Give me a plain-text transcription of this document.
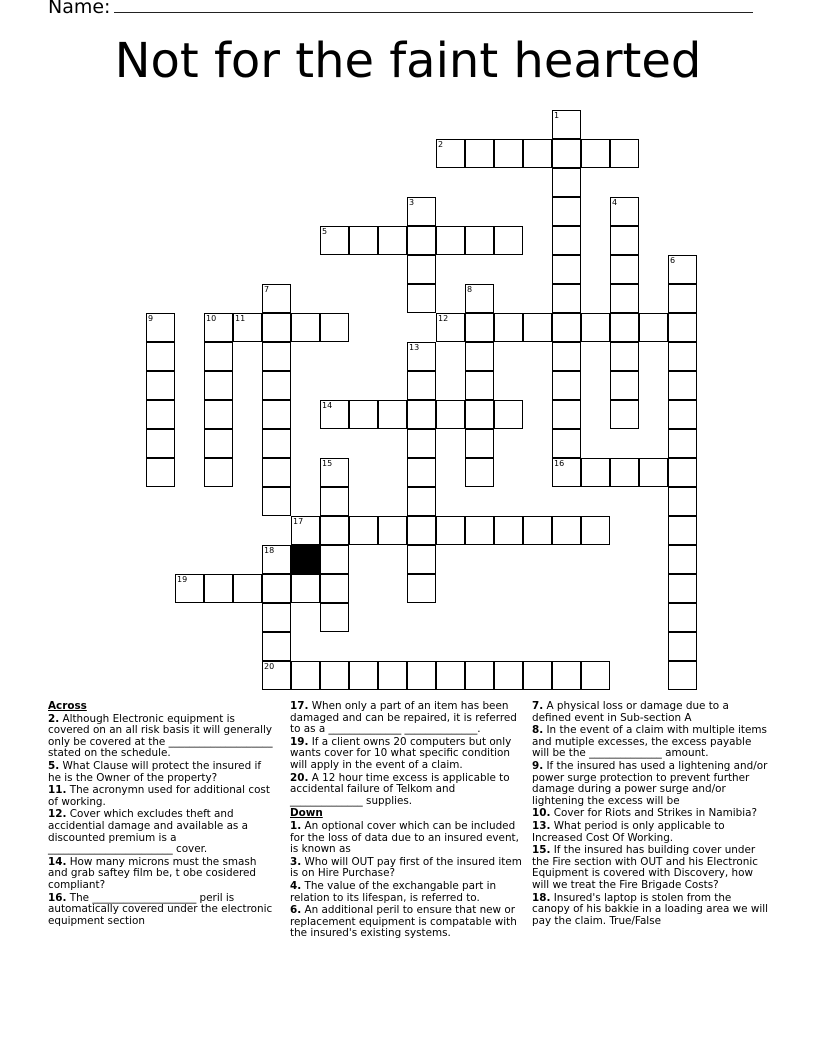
Name:
Not for the faint hearted
1
2
3	4
5
6
7	8
9	10 11	12
13
14
15	16
17
18
19
20
Across
2. Although Electronic equipment is covered on an all risk basis it will generally only be covered at the ____________________ stated on the schedule.
5. What Clause will protect the insured if he is the Owner of the property?
11. The acronymn used for additional cost of working.
12. Cover which excludes theft and accidential damage and available as a discounted premium is a ________________________ cover.
14. How many microns must the smash and grab saftey film be, t obe cosidered compliant?
16. The ____________________ peril is automatically covered under the electronic equipment section
17. When only a part of an item has been damaged and can be repaired, it is referred to as a ______________ ______________.
19. If a client owns 20 computers but only wants cover for 10 what specific condition will apply in the event of a claim.
20. A 12 hour time excess is applicable to accidental failure of Telkom and ______________ supplies.
Down
1. An optional cover which can be included for the loss of data due to an insured event, is known as
3. Who will OUT pay first of the insured item is on Hire Purchase?
4. The value of the exchangable part in relation to its lifespan, is referred to.
6. An additional peril to ensure that new or replacement equipment is compatable with the insured's existing systems.
7. A physical loss or damage due to a defined event in Sub-section A
8. In the event of a claim with multiple items and mutiple excesses, the excess payable will be the ______________ amount.
9. If the insured has used a lightening and/or power surge protection to prevent further damage during a power surge and/or lightening the excess will be
10. Cover for Riots and Strikes in Namibia?
13. What period is only applicable to Increased Cost Of Working.
15. If the insured has building cover under the Fire section with OUT and his Electronic Equipment is covered with Discovery, how will we treat the Fire Brigade Costs?
18. Insured's laptop is stolen from the canopy of his bakkie in a loading area we will pay the claim. True/False
